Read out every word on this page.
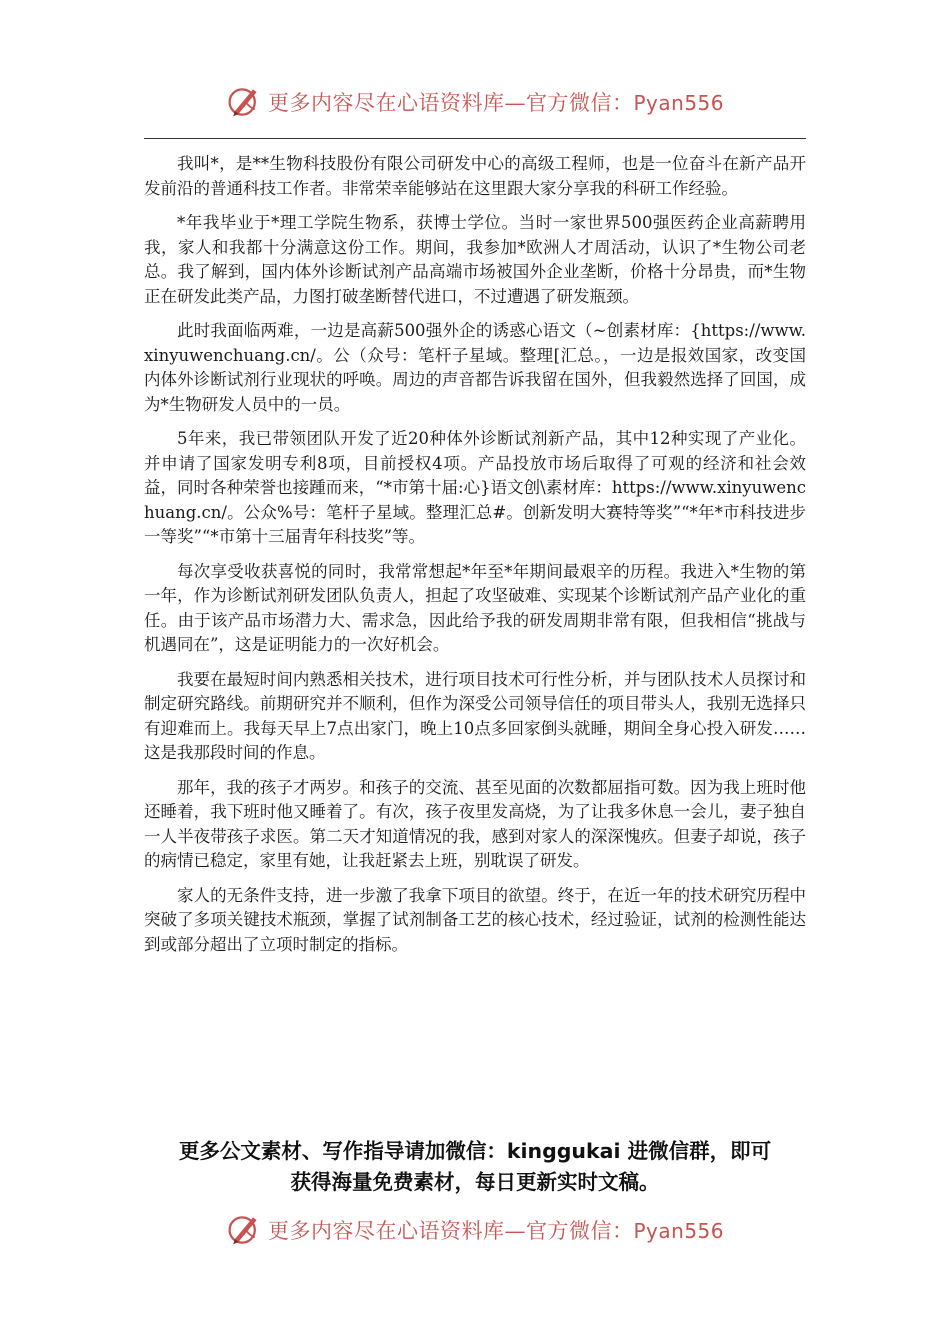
更多内容尽在心语资料库—官方微信：Pyan556

我叫*，是**生物科技股份有限公司研发中心的高级工程师，也是一位奋斗在新产品开发前沿的普通科技工作者。非常荣幸能够站在这里跟大家分享我的科研工作经验。

*年我毕业于*理工学院生物系，获博士学位。当时一家世界500强医药企业高薪聘用我，家人和我都十分满意这份工作。期间，我参加*欧洲人才周活动，认识了*生物公司老总。我了解到，国内体外诊断试剂产品高端市场被国外企业垄断，价格十分昂贵，而*生物正在研发此类产品，力图打破垄断替代进口，不过遭遇了研发瓶颈。

此时我面临两难，一边是高薪500强外企的诱惑心语文（~创素材库：{https://www.xinyuwenchuang.cn/。公（众号：笔杆子星域。整理[汇总。，一边是报效国家，改变国内体外诊断试剂行业现状的呼唤。周边的声音都告诉我留在国外，但我毅然选择了回国，成为*生物研发人员中的一员。

5年来，我已带领团队开发了近20种体外诊断试剂新产品，其中12种实现了产业化。并申请了国家发明专利8项，目前授权4项。产品投放市场后取得了可观的经济和社会效益，同时各种荣誉也接踵而来，“*市第十届:心}语文创\素材库：https://www.xinyuwenchuang.cn/。公众%号：笔杆子星域。整理汇总#。创新发明大赛特等奖”“*年*市科技进步一等奖”“*市第十三届青年科技奖”等。

每次享受收获喜悦的同时，我常常想起*年至*年期间最艰辛的历程。我进入*生物的第一年，作为诊断试剂研发团队负责人，担起了攻坚破难、实现某个诊断试剂产品产业化的重任。由于该产品市场潜力大、需求急，因此给予我的研发周期非常有限，但我相信“挑战与机遇同在”，这是证明能力的一次好机会。

我要在最短时间内熟悉相关技术，进行项目技术可行性分析，并与团队技术人员探讨和制定研究路线。前期研究并不顺利，但作为深受公司领导信任的项目带头人，我别无选择只有迎难而上。我每天早上7点出家门，晚上10点多回家倒头就睡，期间全身心投入研发……这是我那段时间的作息。

那年，我的孩子才两岁。和孩子的交流、甚至见面的次数都屈指可数。因为我上班时他还睡着，我下班时他又睡着了。有次，孩子夜里发高烧，为了让我多休息一会儿，妻子独自一人半夜带孩子求医。第二天才知道情况的我，感到对家人的深深愧疚。但妻子却说，孩子的病情已稳定，家里有她，让我赶紧去上班，别耽误了研发。

家人的无条件支持，进一步激了我拿下项目的欲望。终于，在近一年的技术研究历程中突破了多项关键技术瓶颈，掌握了试剂制备工艺的核心技术，经过验证，试剂的检测性能达到或部分超出了立项时制定的指标。

更多公文素材、写作指导请加微信：kinggukai 进微信群，即可
获得海量免费素材，每日更新实时文稿。
更多内容尽在心语资料库—官方微信：Pyan556
